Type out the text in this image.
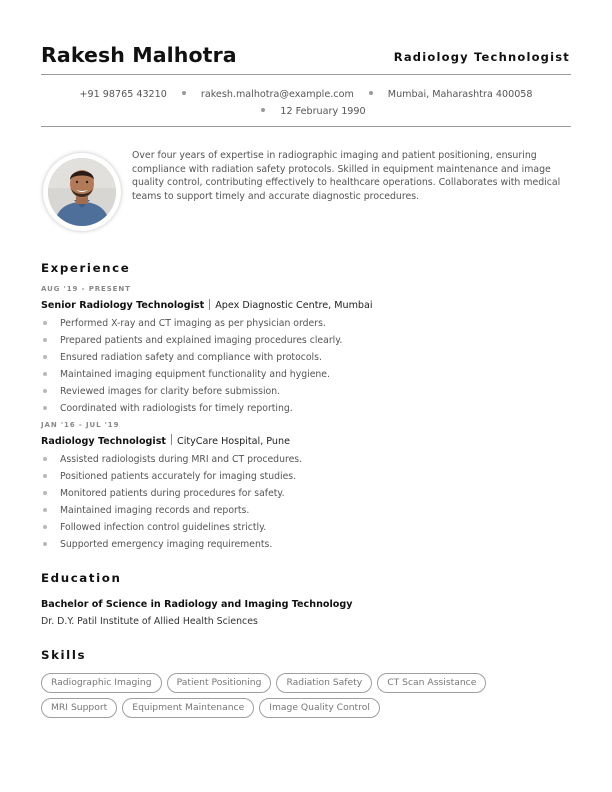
Rakesh Malhotra	Radiology Technologist
+91 98765 43210	rakesh.malhotra@example.com	Mumbai, Maharashtra 400058
12 February 1990
Over four years of expertise in radiographic imaging and patient positioning, ensuring compliance with radiation safety protocols. Skilled in equipment maintenance and image quality control, contributing effectively to healthcare operations. Collaborates with medical teams to support timely and accurate diagnostic procedures.
Experience
AUG '19 - PRESENT
Senior Radiology Technologist Apex Diagnostic Centre, Mumbai
Performed X-ray and CT imaging as per physician orders.
Prepared patients and explained imaging procedures clearly.
Ensured radiation safety and compliance with protocols.
Maintained imaging equipment functionality and hygiene.
Reviewed images for clarity before submission.
Coordinated with radiologists for timely reporting.
JAN '16 - JUL '19
Radiology Technologist CityCare Hospital, Pune
Assisted radiologists during MRI and CT procedures.
Positioned patients accurately for imaging studies.
Monitored patients during procedures for safety.
Maintained imaging records and reports.
Followed infection control guidelines strictly.
Supported emergency imaging requirements.
Education
Bachelor of Science in Radiology and Imaging Technology
Dr. D.Y. Patil Institute of Allied Health Sciences
Skills
Radiographic Imaging	Patient Positioning	Radiation Safety	CT Scan Assistance
MRI Support	Equipment Maintenance	Image Quality Control
